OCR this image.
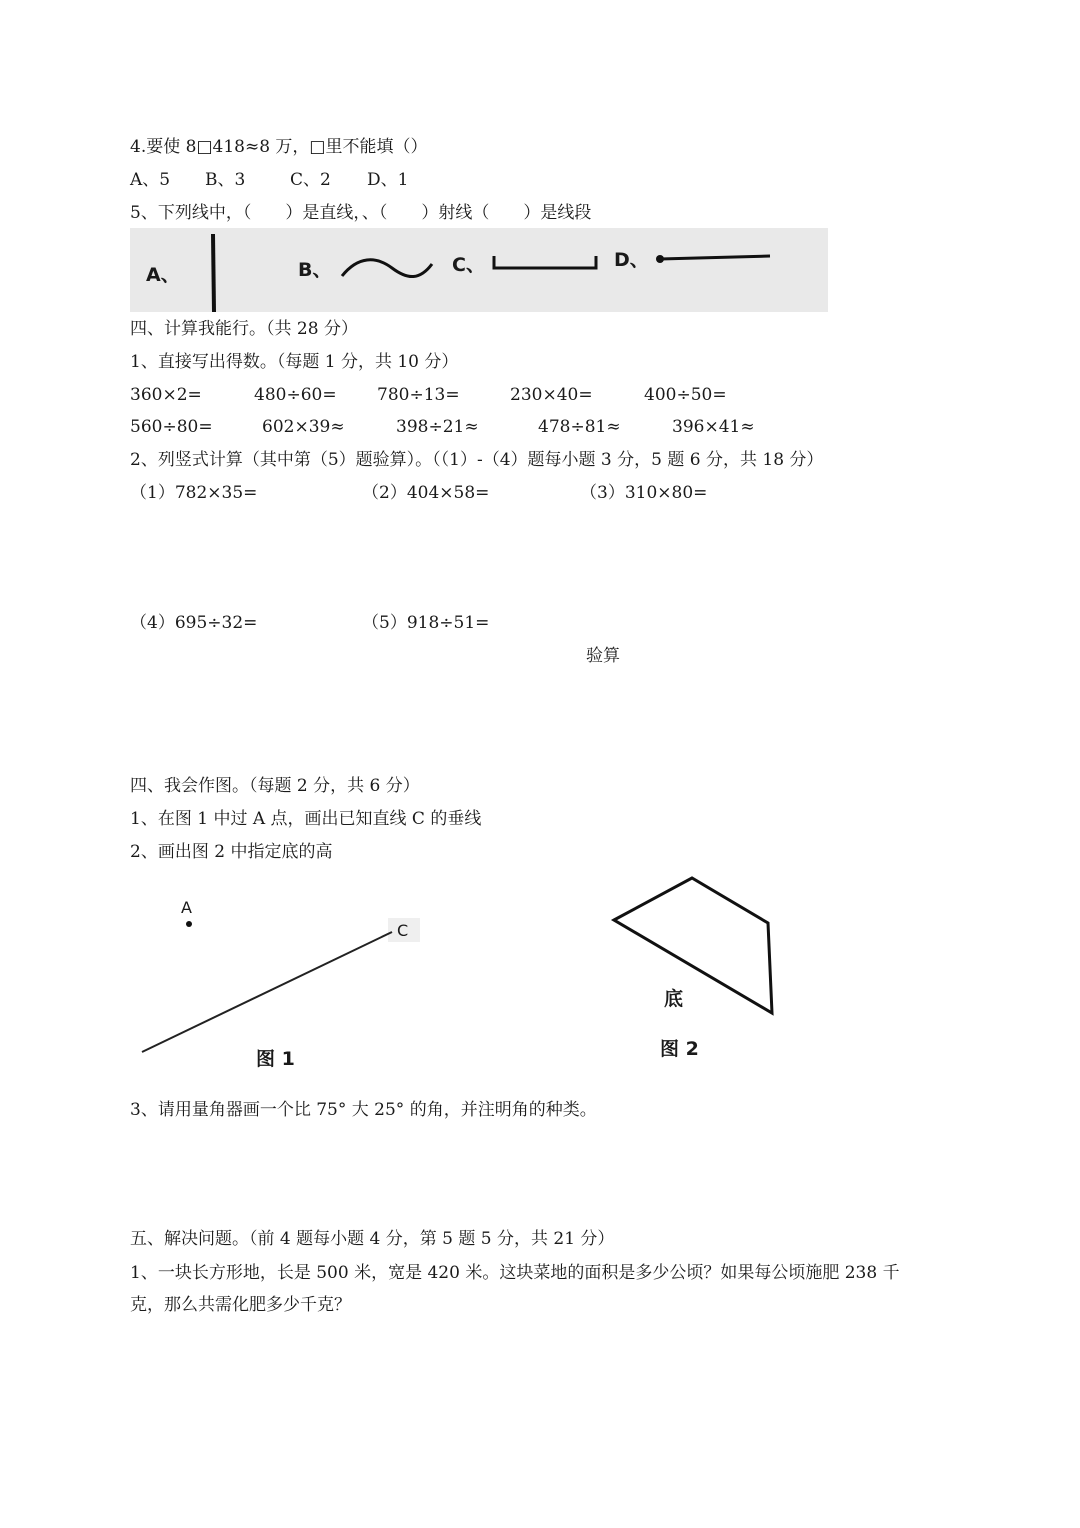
4.要使 8□418≈8 万，□里不能填（）
A、5 B、3	C、2 D、1
5、下列线中，（　　）是直线，、（　　）射线（　　）是线段
A、	B、	C、	D、
四、计算我能行。（共 28 分）
1、直接写出得数。（每题 1 分，共 10 分）
360×2=	480÷60= 780÷13=	230×40=	400÷50=
560÷80=	602×39≈	398÷21≈	478÷81≈	396×41≈
2、列竖式计算（其中第（5）题验算）。（（1）-（4）题每小题 3 分，5 题 6 分，共 18 分）
（1）782×35=	（2）404×58=	（3）310×80=
（4）695÷32=	（5）918÷51=
验算
四、我会作图。（每题 2 分，共 6 分）
1、在图 1 中过 A 点，画出已知直线 C 的垂线
2、画出图 2 中指定底的高
A
C
图 1
底
图 2
3、请用量角器画一个比 75° 大 25° 的角，并注明角的种类。
五、解决问题。（前 4 题每小题 4 分，第 5 题 5 分，共 21 分）
1、一块长方形地，长是 500 米，宽是 420 米。这块菜地的面积是多少公顷？如果每公顷施肥 238 千
克，那么共需化肥多少千克？
